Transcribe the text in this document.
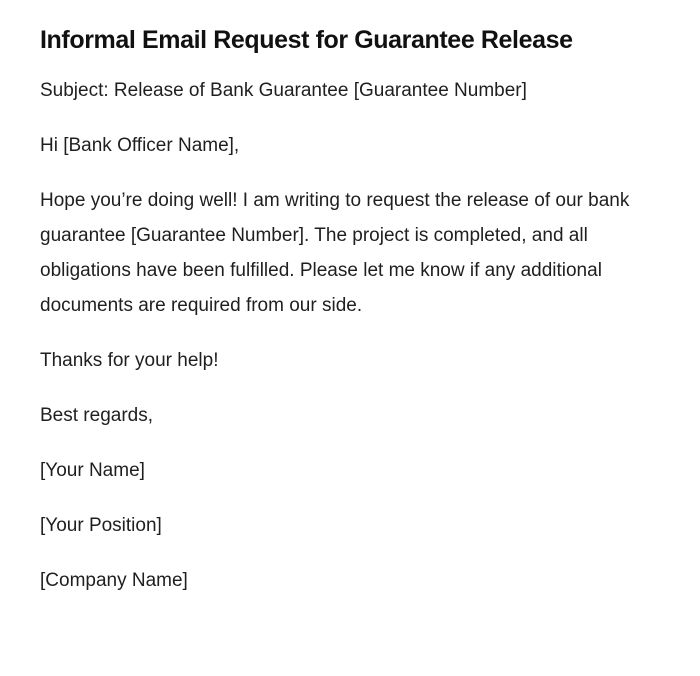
Informal Email Request for Guarantee Release

Subject: Release of Bank Guarantee [Guarantee Number]

Hi [Bank Officer Name],

Hope you’re doing well! I am writing to request the release of our bank guarantee [Guarantee Number]. The project is completed, and all obligations have been fulfilled. Please let me know if any additional documents are required from our side.

Thanks for your help!

Best regards,

[Your Name]

[Your Position]

[Company Name]
